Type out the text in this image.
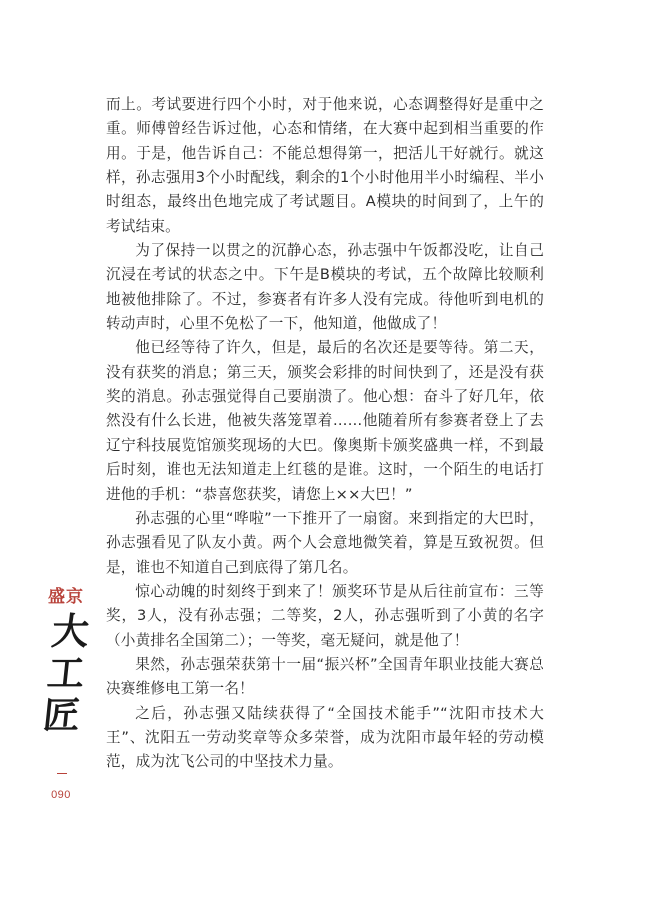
而上。考试要进行四个小时，对于他来说，心态调整得好是重中之重。师傅曾经告诉过他，心态和情绪，在大赛中起到相当重要的作用。于是，他告诉自己：不能总想得第一，把活儿干好就行。就这样，孙志强用3个小时配线，剩余的1个小时他用半小时编程、半小时组态，最终出色地完成了考试题目。A模块的时间到了，上午的考试结束。

为了保持一以贯之的沉静心态，孙志强中午饭都没吃，让自己沉浸在考试的状态之中。下午是B模块的考试，五个故障比较顺利地被他排除了。不过，参赛者有许多人没有完成。待他听到电机的转动声时，心里不免松了一下，他知道，他做成了！

他已经等待了许久，但是，最后的名次还是要等待。第二天，没有获奖的消息；第三天，颁奖会彩排的时间快到了，还是没有获奖的消息。孙志强觉得自己要崩溃了。他心想：奋斗了好几年，依然没有什么长进，他被失落笼罩着……他随着所有参赛者登上了去辽宁科技展览馆颁奖现场的大巴。像奥斯卡颁奖盛典一样，不到最后时刻，谁也无法知道走上红毯的是谁。这时，一个陌生的电话打进他的手机：“恭喜您获奖，请您上××大巴！”

孙志强的心里“哗啦”一下推开了一扇窗。来到指定的大巴时，孙志强看见了队友小黄。两个人会意地微笑着，算是互致祝贺。但是，谁也不知道自己到底得了第几名。

惊心动魄的时刻终于到来了！颁奖环节是从后往前宣布：三等奖，3人，没有孙志强；二等奖，2人，孙志强听到了小黄的名字（小黄排名全国第二）；一等奖，毫无疑问，就是他了！

果然，孙志强荣获第十一届“振兴杯”全国青年职业技能大赛总决赛维修电工第一名！

之后，孙志强又陆续获得了“全国技术能手”“沈阳市技术大王”、沈阳五一劳动奖章等众多荣誉，成为沈阳市最年轻的劳动模范，成为沈飞公司的中坚技术力量。

盛京
大工匠
090
